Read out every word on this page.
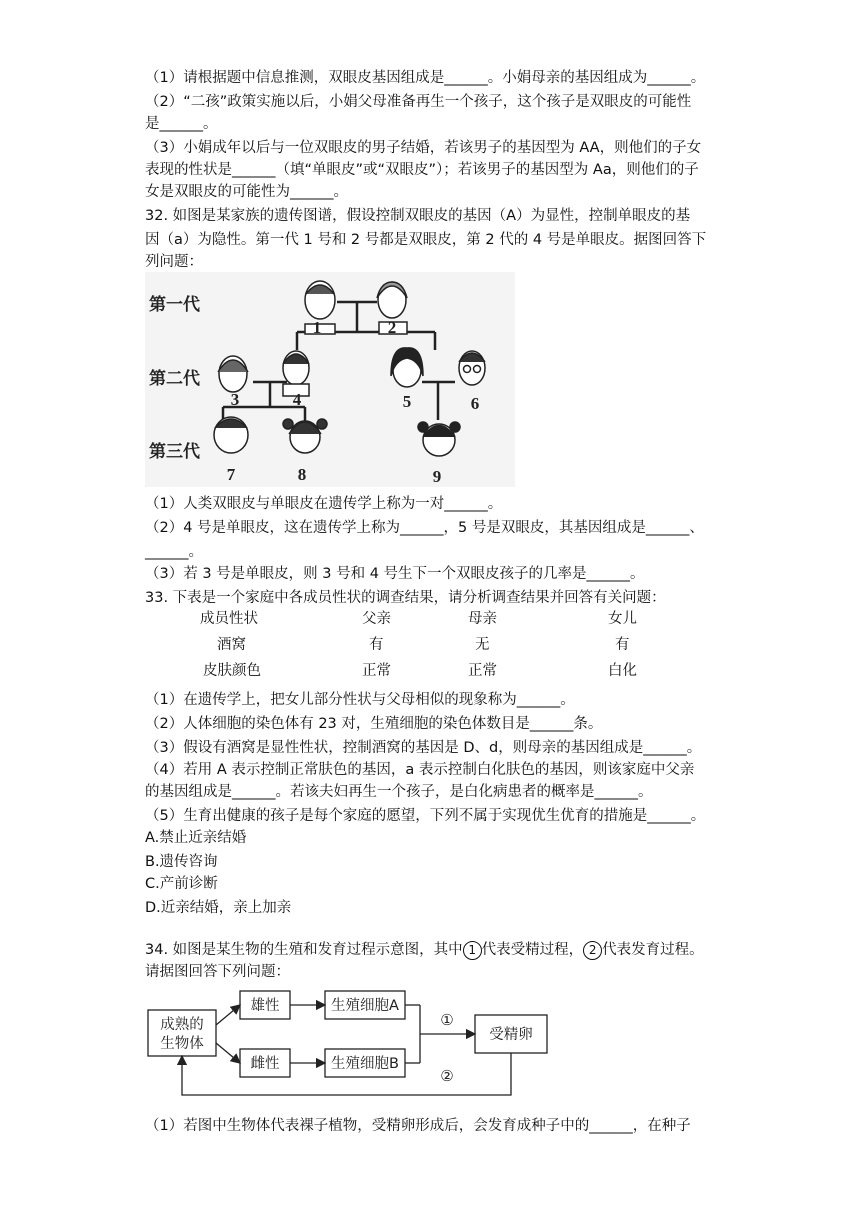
（1）请根据题中信息推测，双眼皮基因组成是______。小娟母亲的基因组成为______。
（2）“二孩”政策实施以后，小娟父母准备再生一个孩子，这个孩子是双眼皮的可能性
是______。
（3）小娟成年以后与一位双眼皮的男子结婚，若该男子的基因型为 AA，则他们的子女
表现的性状是______（填“单眼皮”或“双眼皮”）；若该男子的基因型为 Aa，则他们的子
女是双眼皮的可能性为______。
32. 如图是某家族的遗传图谱，假设控制双眼皮的基因（A）为显性，控制单眼皮的基
因（a）为隐性。第一代 1 号和 2 号都是双眼皮，第 2 代的 4 号是单眼皮。据图回答下
列问题：
第一代
第二代
第三代
1	2
3	4	5	6
7	8	9
（1）人类双眼皮与单眼皮在遗传学上称为一对______。
（2）4 号是单眼皮，这在遗传学上称为______，5 号是双眼皮，其基因组成是______、
______。
（3）若 3 号是单眼皮，则 3 号和 4 号生下一个双眼皮孩子的几率是______。
33. 下表是一个家庭中各成员性状的调查结果，请分析调查结果并回答有关问题：
成员性状	父亲	母亲	女儿
酒窝	有	无	有
皮肤颜色	正常	正常	白化
（1）在遗传学上，把女儿部分性状与父母相似的现象称为______。
（2）人体细胞的染色体有 23 对，生殖细胞的染色体数目是______条。
（3）假设有酒窝是显性性状，控制酒窝的基因是 D、d，则母亲的基因组成是______。
（4）若用 A 表示控制正常肤色的基因，a 表示控制白化肤色的基因，则该家庭中父亲
的基因组成是______。若该夫妇再生一个孩子，是白化病患者的概率是______。
（5）生育出健康的孩子是每个家庭的愿望，下列不属于实现优生优育的措施是______。
A.禁止近亲结婚
B.遗传咨询
C.产前诊断
D.近亲结婚，亲上加亲
34. 如图是某生物的生殖和发育过程示意图，其中 1 代表受精过程， 2 代表发育过程。
请据图回答下列问题：
成熟的
生物体
雄性
雌性
生殖细胞A
生殖细胞B
受精卵
①
②
（1）若图中生物体代表裸子植物，受精卵形成后，会发育成种子中的______，在种子
